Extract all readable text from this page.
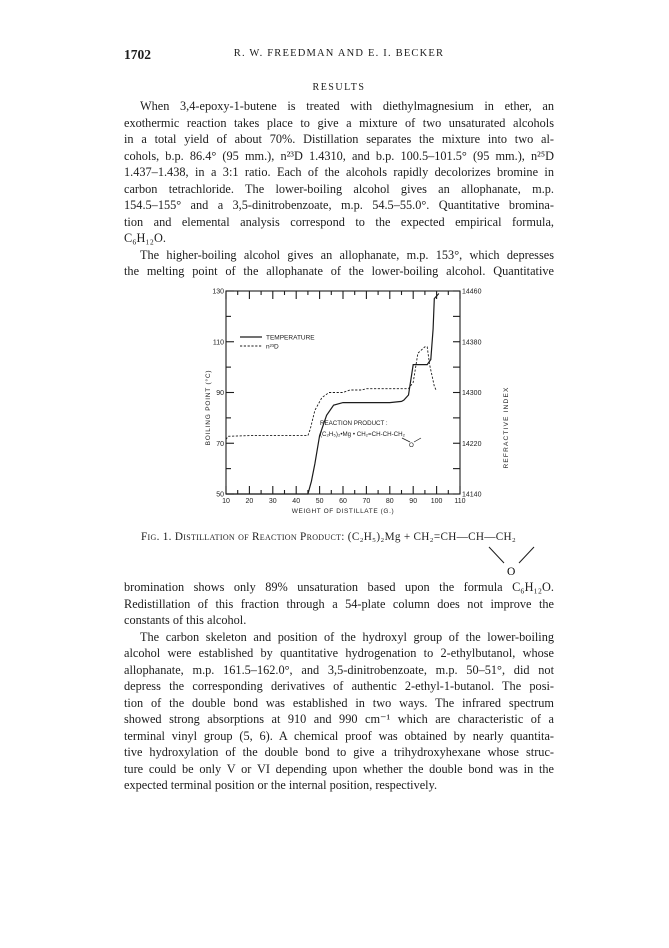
1702	R. W. FREEDMAN AND E. I. BECKER
RESULTS
When 3,4-epoxy-1-butene is treated with diethylmagnesium in ether, an
exothermic reaction takes place to give a mixture of two unsaturated alcohols
in a total yield of about 70%. Distillation separates the mixture into two al-
cohols, b.p. 86.4° (95 mm.), n²³D 1.4310, and b.p. 100.5–101.5° (95 mm.), n²⁵D
1.437–1.438, in a 3:1 ratio. Each of the alcohols rapidly decolorizes bromine in
carbon tetrachloride. The lower-boiling alcohol gives an allophanate, m.p.
154.5–155° and a 3,5-dinitrobenzoate, m.p. 54.5–55.0°. Quantitative bromina-
tion and elemental analysis correspond to the expected empirical formula,
C₆H₁₂O.
The higher-boiling alcohol gives an allophanate, m.p. 153°, which depresses
the melting point of the allophanate of the lower-boiling alcohol. Quantitative
10 20 30 40 50 60 70 80 90 100 110
50
70
90
110
130
14140
14220
14300
14380
14460
WEIGHT OF DISTILLATE (G.)
BOILING POINT (°C)	REFRACTIVE INDEX
TEMPERATURE
n²³D
REACTION PRODUCT :
(C₂H₅)₂•Mg • CH₂=CH-CH-CH₂
O
Fig. 1. Distillation of Reaction Product: (C₂H₅)₂Mg + CH₂=CH—CH—CH₂
O
bromination shows only 89% unsaturation based upon the formula C₆H₁₂O.
Redistillation of this fraction through a 54-plate column does not improve the
constants of this alcohol.
The carbon skeleton and position of the hydroxyl group of the lower-boiling
alcohol were established by quantitative hydrogenation to 2-ethylbutanol, whose
allophanate, m.p. 161.5–162.0°, and 3,5-dinitrobenzoate, m.p. 50–51°, did not
depress the corresponding derivatives of authentic 2-ethyl-1-butanol. The posi-
tion of the double bond was established in two ways. The infrared spectrum
showed strong absorptions at 910 and 990 cm⁻¹ which are characteristic of a
terminal vinyl group (5, 6). A chemical proof was obtained by nearly quantita-
tive hydroxylation of the double bond to give a trihydroxyhexane whose struc-
ture could be only V or VI depending upon whether the double bond was in the
expected terminal position or the internal position, respectively.
